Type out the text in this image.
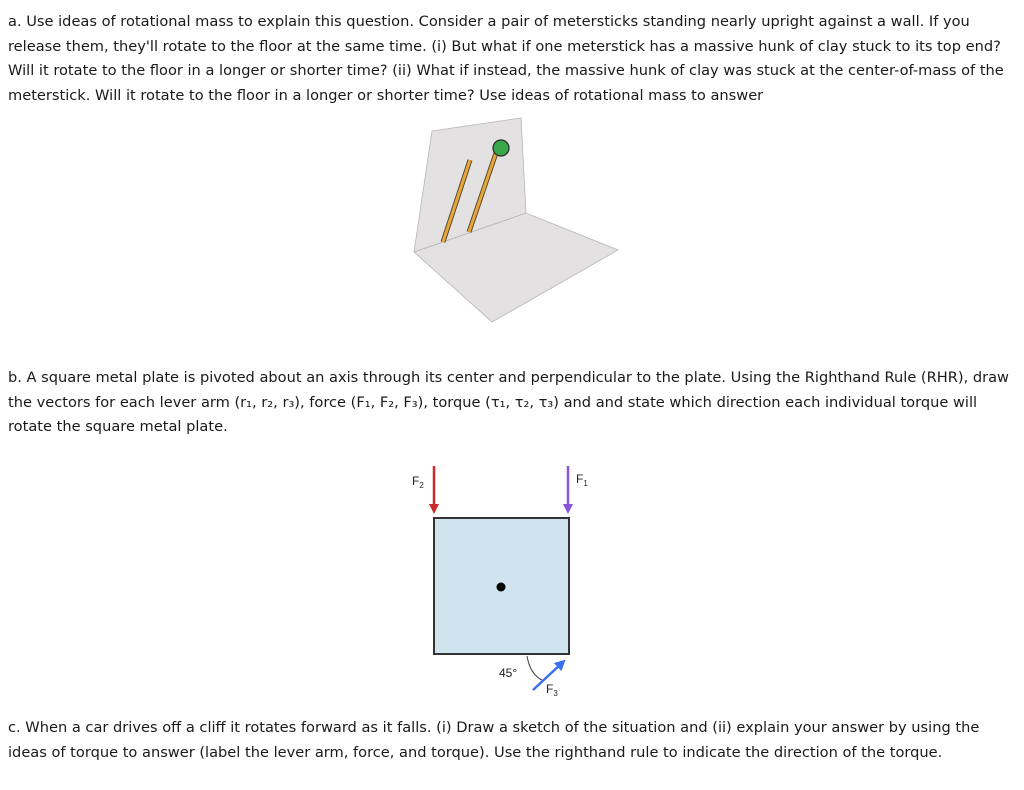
a. Use ideas of rotational mass to explain this question. Consider a pair of metersticks standing nearly upright against a wall. If you release them, they'll rotate to the floor at the same time. (i) But what if one meterstick has a massive hunk of clay stuck to its top end? Will it rotate to the floor in a longer or shorter time? (ii) What if instead, the massive hunk of clay was stuck at the center-of-mass of the meterstick. Will it rotate to the floor in a longer or shorter time? Use ideas of rotational mass to answer

b. A square metal plate is pivoted about an axis through its center and perpendicular to the plate. Using the Righthand Rule (RHR), draw the vectors for each lever arm (r₁, r₂, r₃), force (F₁, F₂, F₃), torque (τ₁, τ₂, τ₃) and and state which direction each individual torque will rotate the square metal plate.

$F_2$	$F_1$
$F_3$
45°

c. When a car drives off a cliff it rotates forward as it falls. (i) Draw a sketch of the situation and (ii) explain your answer by using the ideas of torque to answer (label the lever arm, force, and torque). Use the righthand rule to indicate the direction of the torque.
